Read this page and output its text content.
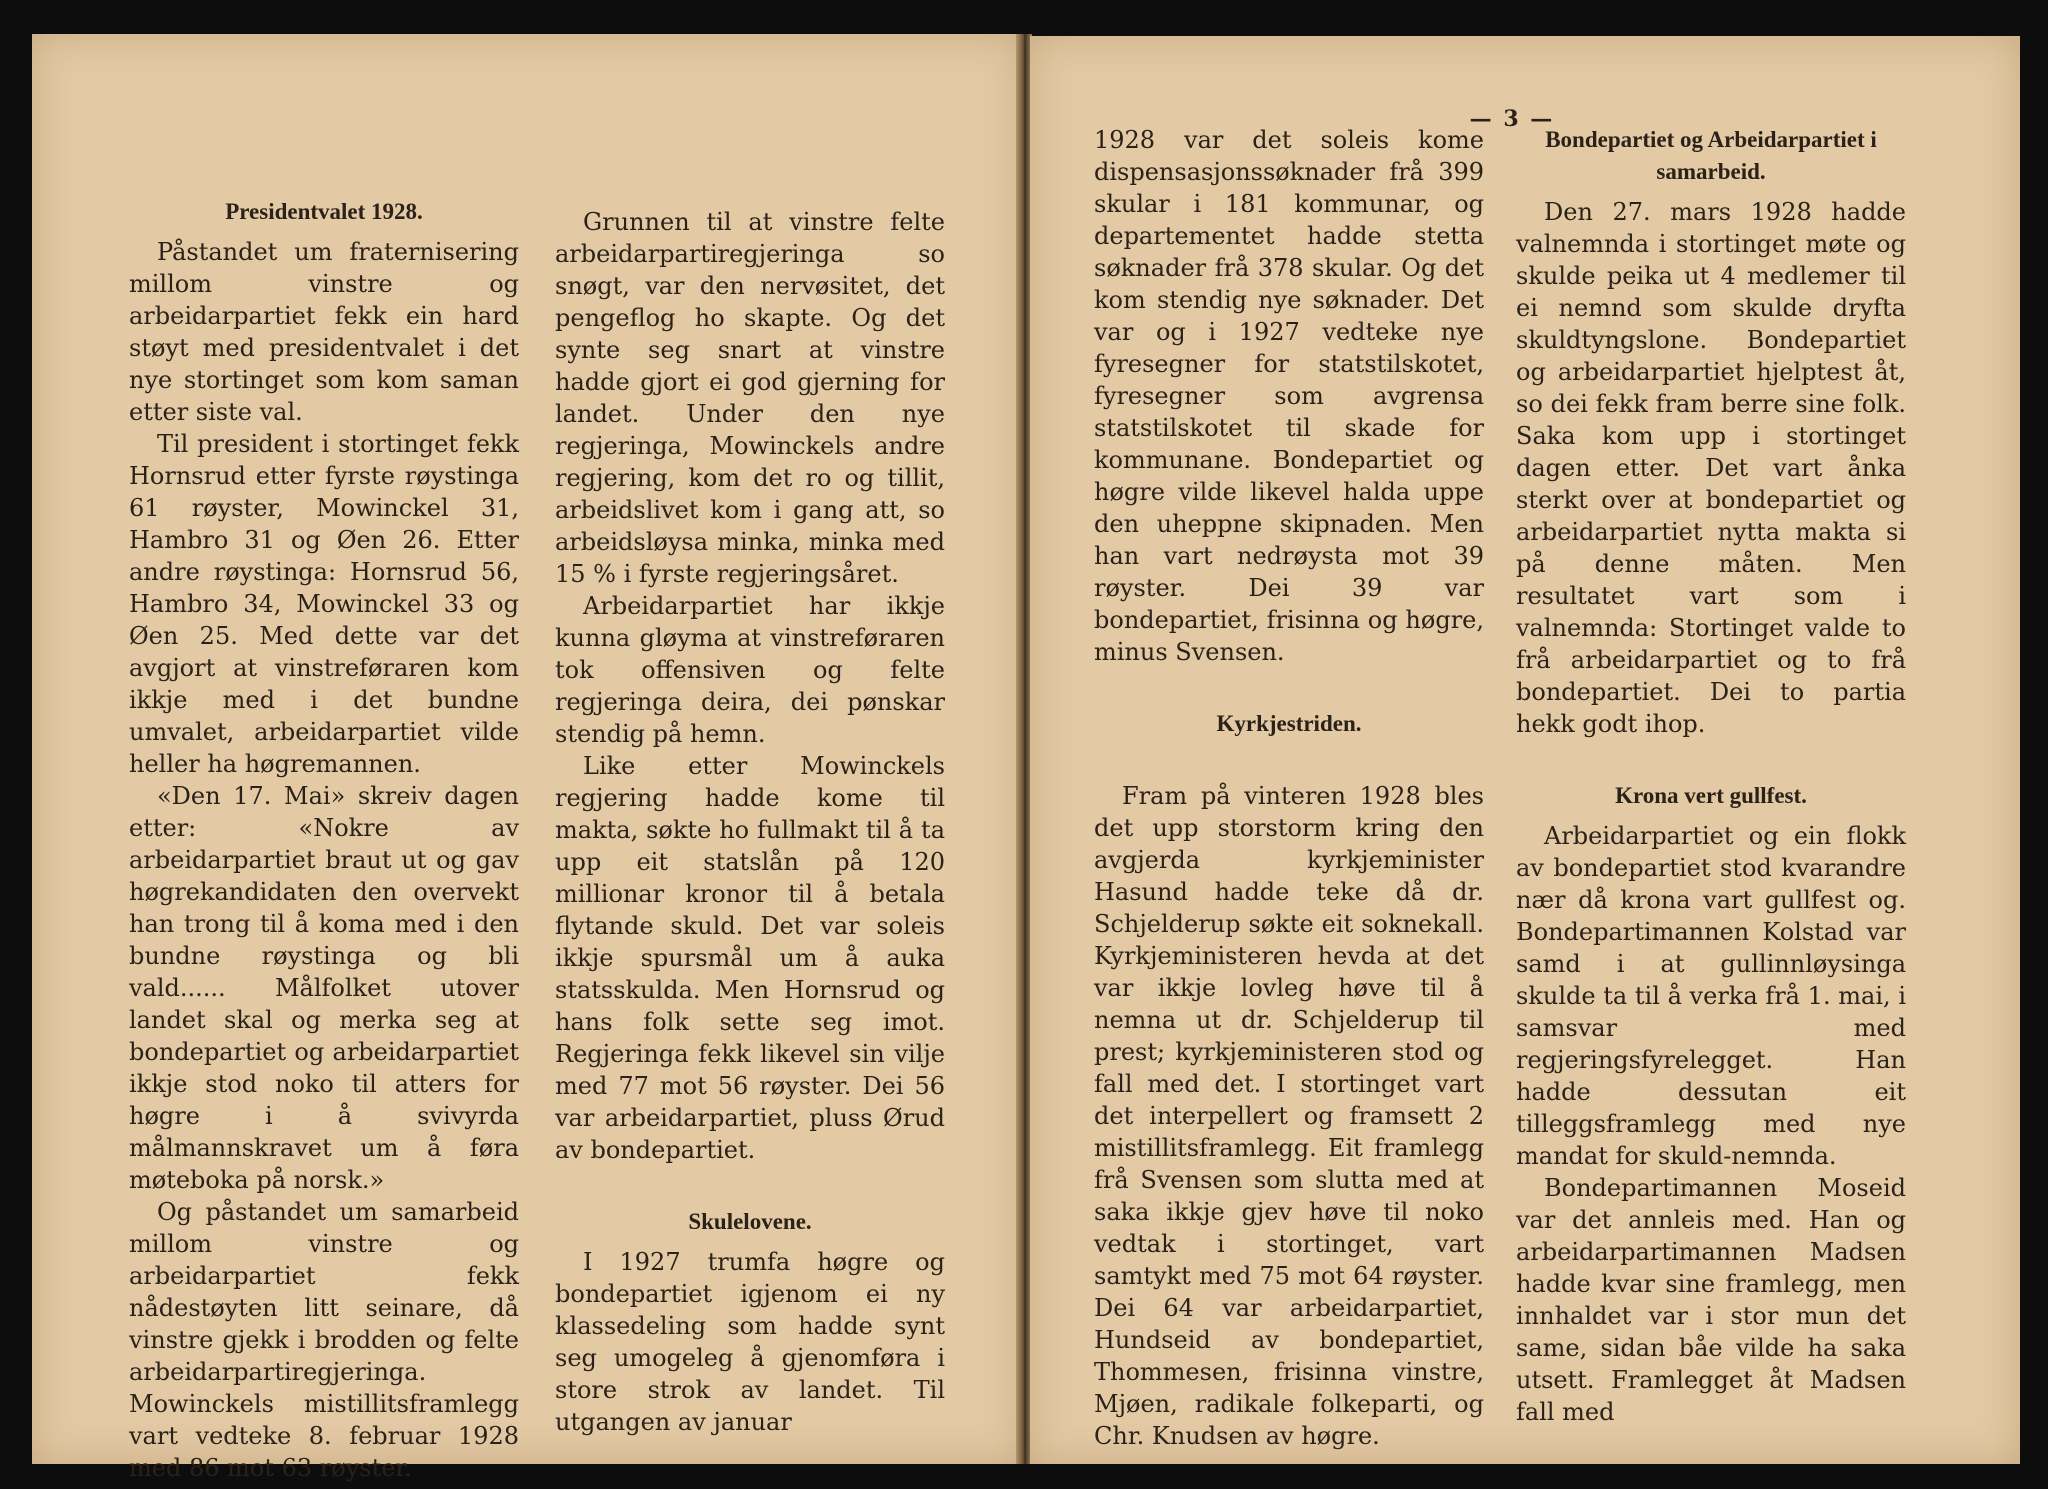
Presidentvalet 1928.

Påstandet um fraternisering millom vinstre og arbeidarpartiet fekk ein hard støyt med presidentvalet i det nye stortinget som kom saman etter siste val.

Til president i stortinget fekk Hornsrud etter fyrste røystinga 61 røyster, Mowinckel 31, Hambro 31 og Øen 26. Etter andre røystinga: Hornsrud 56, Hambro 34, Mowinckel 33 og Øen 25. Med dette var det avgjort at vinstreføraren kom ikkje med i det bundne umvalet, arbeidarpartiet vilde heller ha høgremannen.

«Den 17. Mai» skreiv dagen etter: «Nokre av arbeidarpartiet braut ut og gav høgrekandidaten den overvekt han trong til å koma med i den bundne røystinga og bli vald...... Målfolket utover landet skal og merka seg at bondepartiet og arbeidarpartiet ikkje stod noko til atters for høgre i å svivyrda målmannskravet um å føra møteboka på norsk.»

Og påstandet um samarbeid millom vinstre og arbeidarpartiet fekk nådestøyten litt seinare, då vinstre gjekk i brodden og felte arbeidarpartiregjeringa. Mowinckels mistillitsframlegg vart vedteke 8. februar 1928 med 86 mot 63 røyster.

Grunnen til at vinstre felte arbeidarpartiregjeringa so snøgt, var den nervøsitet, det pengeflog ho skapte. Og det synte seg snart at vinstre hadde gjort ei god gjerning for landet. Under den nye regjeringa, Mowinckels andre regjering, kom det ro og tillit, arbeidslivet kom i gang att, so arbeidsløysa minka, minka med 15 % i fyrste regjeringsåret.

Arbeidarpartiet har ikkje kunna gløyma at vinstreføraren tok offensiven og felte regjeringa deira, dei pønskar stendig på hemn.

Like etter Mowinckels regjering hadde kome til makta, søkte ho fullmakt til å ta upp eit statslån på 120 millionar kronor til å betala flytande skuld. Det var soleis ikkje spursmål um å auka statsskulda. Men Hornsrud og hans folk sette seg imot. Regjeringa fekk likevel sin vilje med 77 mot 56 røyster. Dei 56 var arbeidarpartiet, pluss Ørud av bondepartiet.

Skulelovene.

I 1927 trumfa høgre og bondepartiet igjenom ei ny klassedeling som hadde synt seg umogeleg å gjenomføra i store strok av landet. Til utgangen av januar

— 3 —

1928 var det soleis kome dispensasjonssøknader frå 399 skular i 181 kommunar, og departementet hadde stetta søknader frå 378 skular. Og det kom stendig nye søknader. Det var og i 1927 vedteke nye fyresegner for statstilskotet, fyresegner som avgrensa statstilskotet til skade for kommunane. Bondepartiet og høgre vilde likevel halda uppe den uheppne skipnaden. Men han vart nedrøysta mot 39 røyster. Dei 39 var bondepartiet, frisinna og høgre, minus Svensen.

Kyrkjestriden.

Fram på vinteren 1928 bles det upp storstorm kring den avgjerda kyrkjeminister Hasund hadde teke då dr. Schjelderup søkte eit soknekall. Kyrkjeministeren hevda at det var ikkje lovleg høve til å nemna ut dr. Schjelderup til prest; kyrkjeministeren stod og fall med det. I stortinget vart det interpellert og framsett 2 mistillitsframlegg. Eit framlegg frå Svensen som slutta med at saka ikkje gjev høve til noko vedtak i stortinget, vart samtykt med 75 mot 64 røyster. Dei 64 var arbeidarpartiet, Hundseid av bondepartiet, Thommesen, frisinna vinstre, Mjøen, radikale folkeparti, og Chr. Knudsen av høgre.

Bondepartiet og Arbeidarpartiet i samarbeid.

Den 27. mars 1928 hadde valnemnda i stortinget møte og skulde peika ut 4 medlemer til ei nemnd som skulde dryfta skuldtyngslone. Bondepartiet og arbeidarpartiet hjelptest åt, so dei fekk fram berre sine folk. Saka kom upp i stortinget dagen etter. Det vart ånka sterkt over at bondepartiet og arbeidarpartiet nytta makta si på denne måten. Men resultatet vart som i valnemnda: Stortinget valde to frå arbeidarpartiet og to frå bondepartiet. Dei to partia hekk godt ihop.

Krona vert gullfest.

Arbeidarpartiet og ein flokk av bondepartiet stod kvarandre nær då krona vart gullfest og. Bondepartimannen Kolstad var samd i at gullinnløysinga skulde ta til å verka frå 1. mai, i samsvar med regjeringsfyrelegget. Han hadde dessutan eit tilleggsframlegg med nye mandat for skuld-nemnda.

Bondepartimannen Moseid var det annleis med. Han og arbeidarpartimannen Madsen hadde kvar sine framlegg, men innhaldet var i stor mun det same, sidan båe vilde ha saka utsett. Framlegget åt Madsen fall med
